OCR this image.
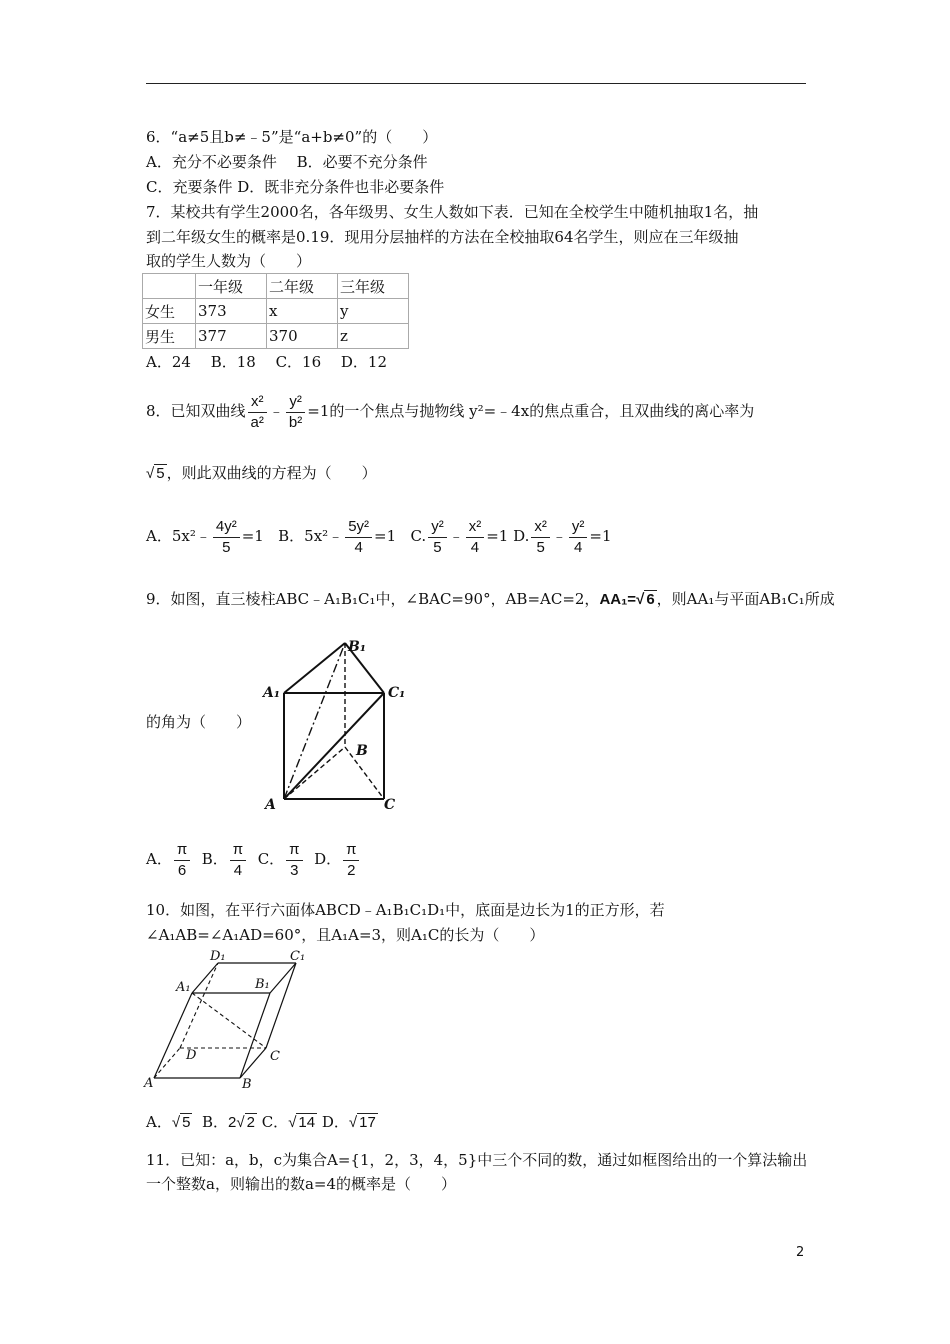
6．“a≠5且b≠﹣5”是“a+b≠0”的（　　）
A．充分不必要条件　 B．必要不充分条件
C．充要条件 D．既非充分条件也非必要条件
7．某校共有学生2000名，各年级男、女生人数如下表．已知在全校学生中随机抽取1名，抽
到二年级女生的概率是0.19．现用分层抽样的方法在全校抽取64名学生，则应在三年级抽
取的学生人数为（　　）
	一年级	二年级	三年级
女生	373	x	y
男生	377	370	z
A．24　 B．18　 C．16　 D．12
8．已知双曲线 $\frac{\text{x²}}{\text{a²}}$ ﹣ $\frac{\text{y²}}{\text{b²}} =1$的一个焦点与抛物线 y²=﹣4x的焦点重合，且双曲线的离心率为
√ 5 ，则此双曲线的方程为（　　）
A．5x²﹣ $\frac{\text{4y²}}{5} =1$ B．5x²﹣ $\frac{\text{5y²}}{4} =1$ C. $\frac{\text{y²}}{5}$ ﹣ $\frac{\text{x²}}{4} =1$ D. $\frac{\text{x²}}{5}$ ﹣ $\frac{\text{y²}}{4} =1$
9．如图，直三棱柱ABC﹣A₁B₁C₁中，∠BAC=90°，AB=AC=2，AA₁=√ 6 ，则AA₁与平面AB₁C₁所成
B₁
A₁	C₁
B
A	C
的角为（　　）
A． $\frac{\pi}{6}$ B． $\frac{\pi}{4}$ C． $\frac{\pi}{3}$ D． $\frac{\pi}{2}$
10．如图，在平行六面体ABCD﹣A₁B₁C₁D₁中，底面是边长为1的正方形，若
∠A₁AB=∠A₁AD=60°，且A₁A=3，则A₁C的长为（　　）
D₁	C₁
A₁	B₁
D	C
A	B
A．√ 5 B．2√ 2 C．√ 14 D．√ 17
11．已知：a，b，c为集合A={1，2，3，4，5}中三个不同的数，通过如框图给出的一个算法输出
一个整数a，则输出的数a=4的概率是（　　）
2
